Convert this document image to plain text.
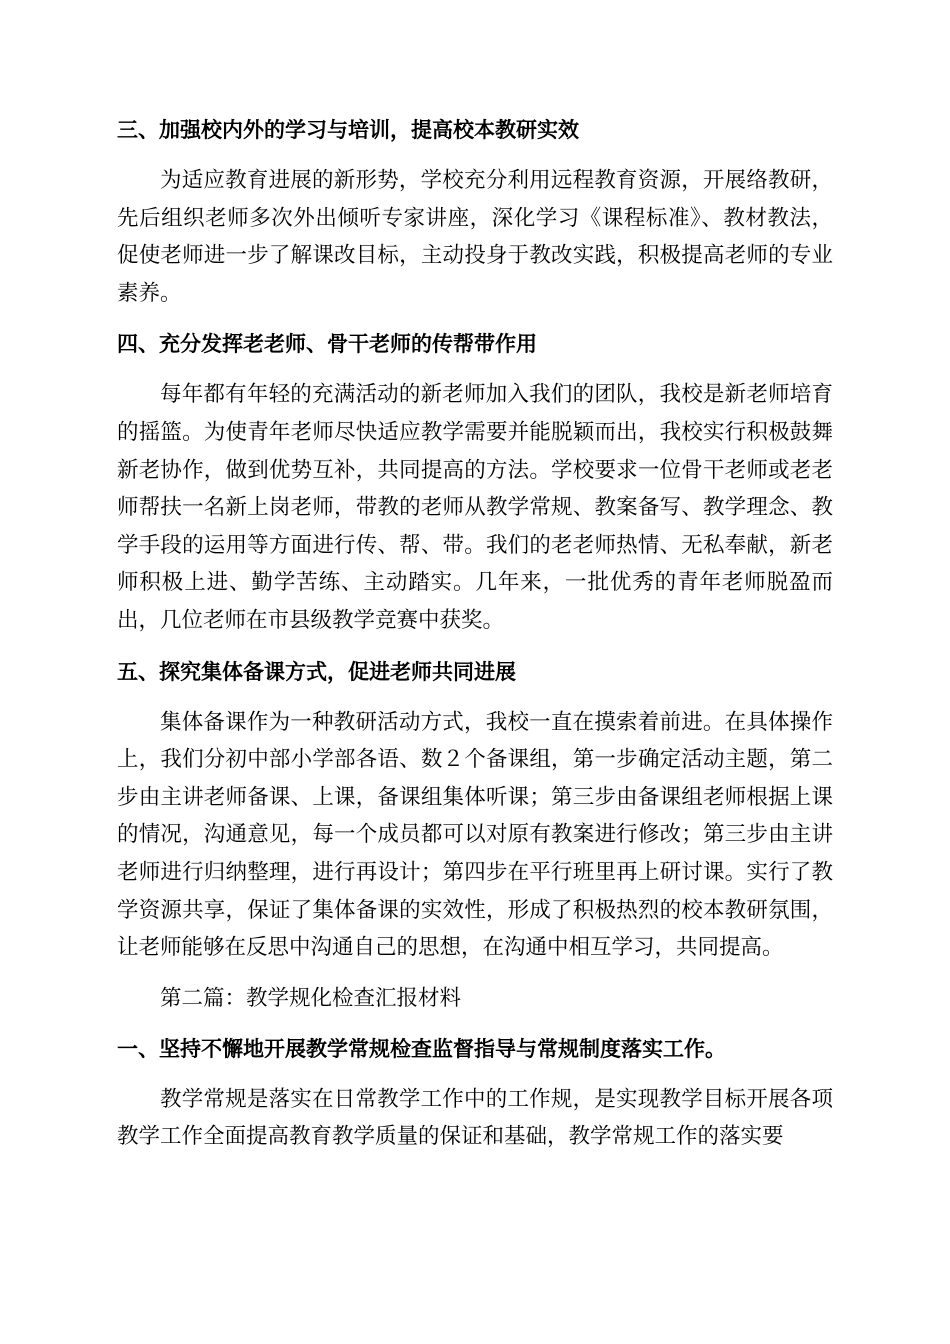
三、加强校内外的学习与培训，提高校本教研实效

为适应教育进展的新形势，学校充分利用远程教育资源，开展络教研，先后组织老师多次外出倾听专家讲座，深化学习《课程标准》、教材教法，促使老师进一步了解课改目标，主动投身于教改实践，积极提高老师的专业素养。

四、充分发挥老老师、骨干老师的传帮带作用

每年都有年轻的充满活动的新老师加入我们的团队，我校是新老师培育的摇篮。为使青年老师尽快适应教学需要并能脱颖而出，我校实行积极鼓舞新老协作，做到优势互补，共同提高的方法。学校要求一位骨干老师或老老师帮扶一名新上岗老师，带教的老师从教学常规、教案备写、教学理念、教学手段的运用等方面进行传、帮、带。我们的老老师热情、无私奉献，新老师积极上进、勤学苦练、主动踏实。几年来，一批优秀的青年老师脱盈而出，几位老师在市县级教学竞赛中获奖。

五、探究集体备课方式，促进老师共同进展

集体备课作为一种教研活动方式，我校一直在摸索着前进。在具体操作上，我们分初中部小学部各语、数２个备课组，第一步确定活动主题，第二步由主讲老师备课、上课，备课组集体听课；第三步由备课组老师根据上课的情况，沟通意见，每一个成员都可以对原有教案进行修改；第三步由主讲老师进行归纳整理，进行再设计；第四步在平行班里再上研讨课。实行了教学资源共享，保证了集体备课的实效性，形成了积极热烈的校本教研氛围，让老师能够在反思中沟通自己的思想，在沟通中相互学习，共同提高。

第二篇：教学规化检查汇报材料

一、坚持不懈地开展教学常规检查监督指导与常规制度落实工作。

教学常规是落实在日常教学工作中的工作规，是实现教学目标开展各项教学工作全面提高教育教学质量的保证和基础，教学常规工作的落实要
